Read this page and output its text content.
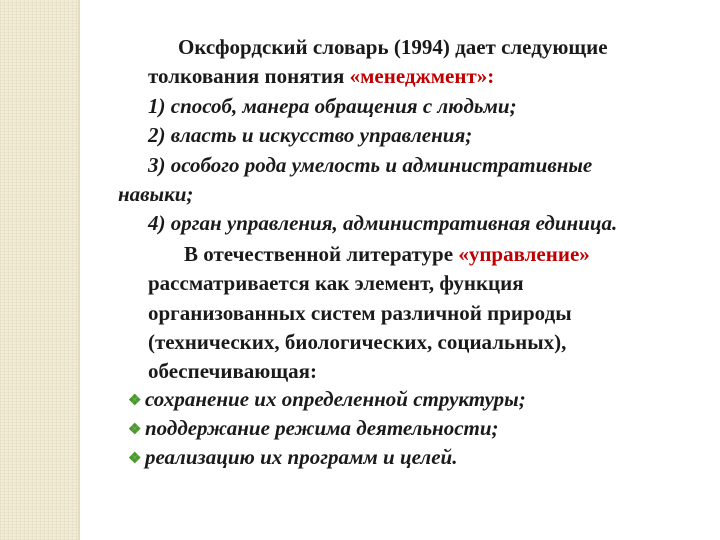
Оксфордский словарь (1994) дает следующие
толкования понятия «менеджмент»:
1) способ, манера обращения с людьми;
2) власть и искусство управления;
3) особого рода умелость и административные
навыки;
4) орган управления, административная единица.
В отечественной литературе «управление»
рассматривается как элемент, функция
организованных систем различной природы
(технических, биологических, социальных),
обеспечивающая:
❖ сохранение их определенной структуры;
❖ поддержание режима деятельности;
❖ реализацию их программ и целей.
